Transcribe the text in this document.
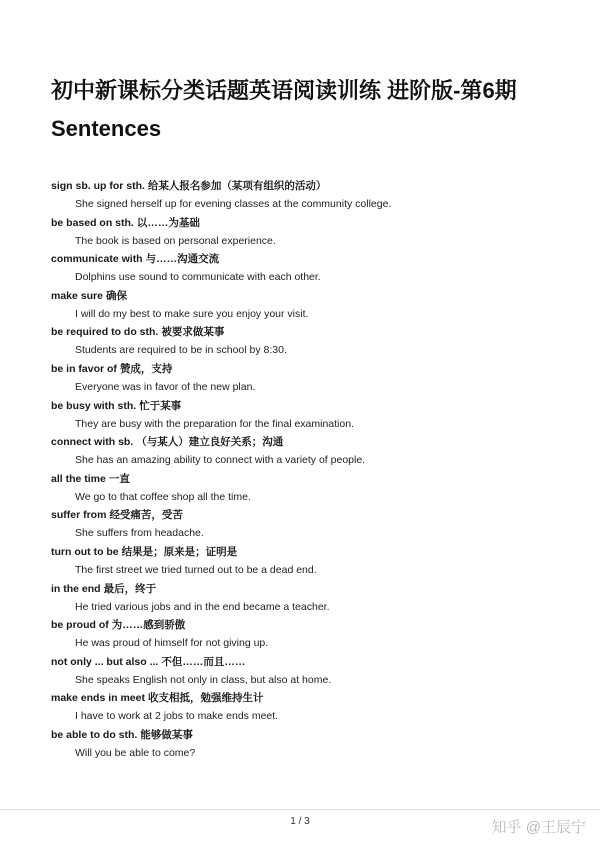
初中新课标分类话题英语阅读训练 进阶版-第6期 Sentences
sign sb. up for sth. 给某人报名参加（某项有组织的活动）
She signed herself up for evening classes at the community college.
be based on sth. 以……为基础
The book is based on personal experience.
communicate with 与……沟通交流
Dolphins use sound to communicate with each other.
make sure 确保
I will do my best to make sure you enjoy your visit.
be required to do sth. 被要求做某事
Students are required to be in school by 8:30.
be in favor of 赞成，支持
Everyone was in favor of the new plan.
be busy with sth. 忙于某事
They are busy with the preparation for the final examination.
connect with sb. （与某人）建立良好关系；沟通
She has an amazing ability to connect with a variety of people.
all the time 一直
We go to that coffee shop all the time.
suffer from 经受痛苦，受苦
She suffers from headache.
turn out to be 结果是；原来是；证明是
The first street we tried turned out to be a dead end.
in the end 最后，终于
He tried various jobs and in the end became a teacher.
be proud of 为……感到骄傲
He was proud of himself for not giving up.
not only ... but also ... 不但……而且……
She speaks English not only in class, but also at home.
make ends in meet 收支相抵，勉强维持生计
I have to work at 2 jobs to make ends meet.
be able to do sth. 能够做某事
Will you be able to come?
1 / 3	知乎 @王辰宁
